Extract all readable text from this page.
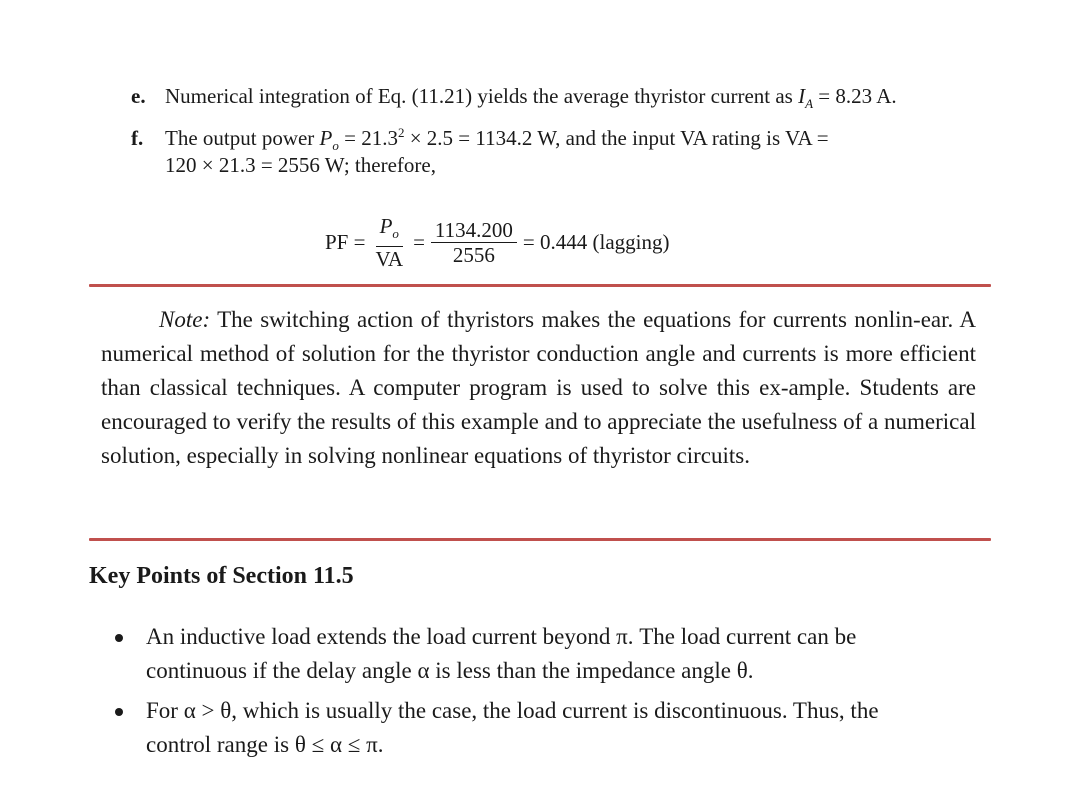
e. Numerical integration of Eq. (11.21) yields the average thyristor current as $I_A = 8.23$ A.
f. The output power $P_o = 21.3^2 \times 2.5 = 1134.2$ W, and the input VA rating is VA =
120 × 21.3 = 2556 W; therefore,
PF = $\frac{P_o}{VA} = \frac{1134.200}{2556} = 0.444$ (lagging)

Note: The switching action of thyristors makes the equations for currents nonlin-ear. A numerical method of solution for the thyristor conduction angle and currents is more efficient than classical techniques. A computer program is used to solve this ex-ample. Students are encouraged to verify the results of this example and to appreciate the usefulness of a numerical solution, especially in solving nonlinear equations of thyristor circuits.

Key Points of Section 11.5
An inductive load extends the load current beyond π. The load current can be continuous if the delay angle α is less than the impedance angle θ.
For α > θ, which is usually the case, the load current is discontinuous. Thus, the control range is θ ≤ α ≤ π.
